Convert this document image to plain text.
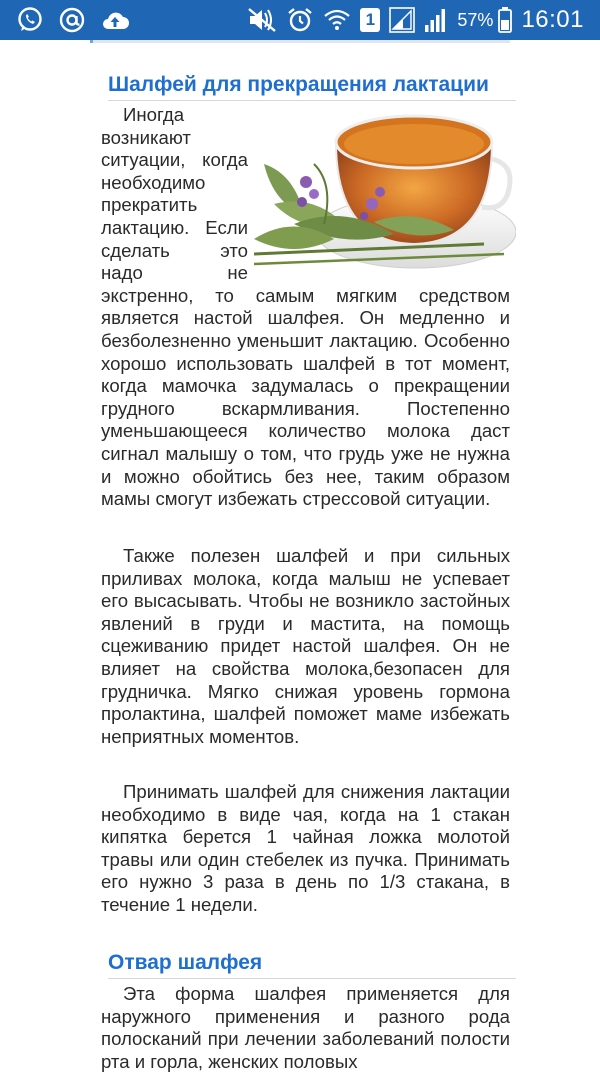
1	57% 16:01
Шалфей для прекращения лактации

Иногда возникают ситуации, когда необходимо прекратить лактацию. Если сделать это надо не экстренно, то самым мягким средством является настой шалфея. Он медленно и безболезненно уменьшит лактацию. Особенно хорошо использовать шалфей в тот момент, когда мамочка задумалась о прекращении грудного вскармливания. Постепенно уменьшающееся количество молока даст сигнал малышу о том, что грудь уже не нужна и можно обойтись без нее, таким образом мамы смогут избежать стрессовой ситуации.

Также полезен шалфей и при сильных приливах молока, когда малыш не успевает его высасывать. Чтобы не возникло застойных явлений в груди и мастита, на помощь сцеживанию придет настой шалфея. Он не влияет на свойства молока,безопасен для грудничка. Мягко снижая уровень гормона пролактина, шалфей поможет маме избежать неприятных моментов.

Принимать шалфей для снижения лактации необходимо в виде чая, когда на 1 стакан кипятка берется 1 чайная ложка молотой травы или один стебелек из пучка. Принимать его нужно 3 раза в день по 1/3 стакана, в течение 1 недели.

Отвар шалфея

Эта форма шалфея применяется для наружного применения и разного рода полосканий при лечении заболеваний полости рта и горла, женских половых
